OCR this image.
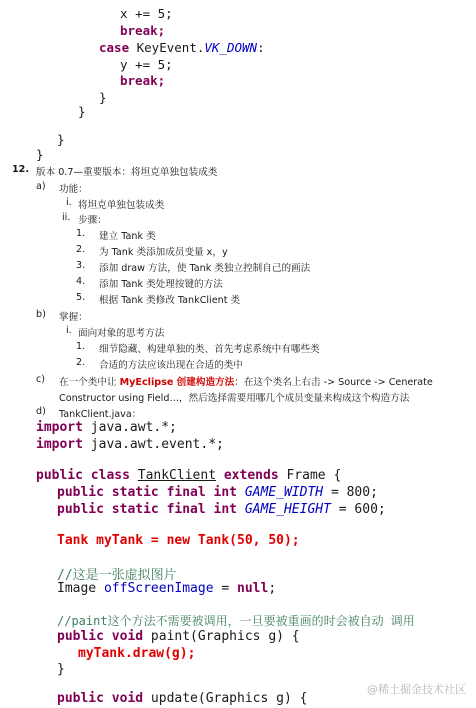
x += 5;
break;
case KeyEvent.VK_DOWN:
y += 5;
break;
}
}
}
}
12. 版本 0.7—重要版本：将坦克单独包装成类
a) 功能：
i. 将坦克单独包装成类
ii. 步骤：
1. 建立 Tank 类
2. 为 Tank 类添加成员变量 x，y
3. 添加 draw 方法，使 Tank 类独立控制自己的画法
4. 添加 Tank 类处理按键的方法
5. 根据 Tank 类修改 TankClient 类
b) 掌握：
i. 面向对象的思考方法
1. 细节隐藏、构建单独的类、首先考虑系统中有哪些类
2. 合适的方法应该出现在合适的类中
c) 在一个类中让 MyEclipse 创建构造方法：在这个类名上右击 -> Source -> Cenerate
Constructor using Field…，然后选择需要用哪几个成员变量来构成这个构造方法
d) TankClient.java：
import java.awt.*;
import java.awt.event.*;
public class TankClient extends Frame {
public static final int GAME_WIDTH = 800;
public static final int GAME_HEIGHT = 600;
Tank myTank = new Tank(50, 50);
//这是一张虚拟图片
Image offScreenImage = null;
//paint这个方法不需要被调用，一旦要被重画的时会被自动 调用
public void paint(Graphics g) {
myTank.draw(g);
}
public void update(Graphics g) {
@稀土掘金技术社区
